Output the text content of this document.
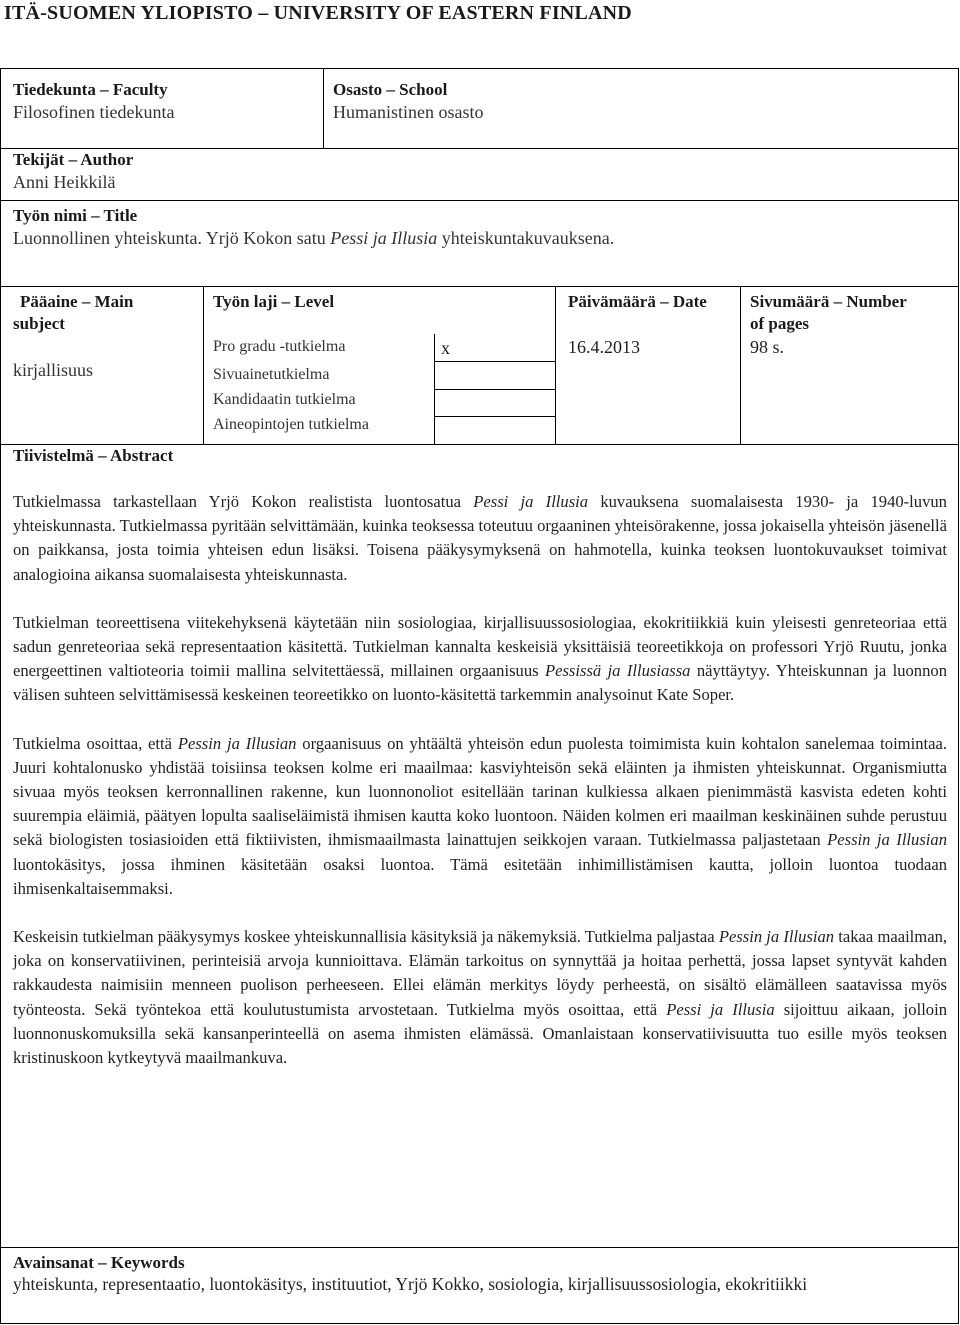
ITÄ-SUOMEN YLIOPISTO – UNIVERSITY OF EASTERN FINLAND
Tiedekunta – Faculty
Filosofinen tiedekunta
Osasto – School
Humanistinen osasto
Tekijät – Author
Anni Heikkilä
Työn nimi – Title
Luonnollinen yhteiskunta. Yrjö Kokon satu Pessi ja Illusia yhteiskuntakuvauksena.
Pääaine – Main
subject
kirjallisuus
Työn laji – Level
Pro gradu -tutkielma
Sivuainetutkielma
Kandidaatin tutkielma
Aineopintojen tutkielma
x
Päivämäärä – Date
16.4.2013
Sivumäärä – Number
of pages
98 s.
Tiivistelmä – Abstract

Tutkielmassa tarkastellaan Yrjö Kokon realistista luontosatua Pessi ja Illusia kuvauksena suomalaisesta 1930- ja 1940-luvun yhteiskunnasta. Tutkielmassa pyritään selvittämään, kuinka teoksessa toteutuu orgaaninen yhteisörakenne, jossa jokaisella yhteisön jäsenellä on paikkansa, josta toimia yhteisen edun lisäksi. Toisena pääkysymyksenä on hahmotella, kuinka teoksen luontokuvaukset toimivat analogioina aikansa suomalaisesta yhteiskunnasta.

Tutkielman teoreettisena viitekehyksenä käytetään niin sosiologiaa, kirjallisuussosiologiaa, ekokritiikkiä kuin yleisesti genreteoriaa että sadun genreteoriaa sekä representaation käsitettä. Tutkielman kannalta keskeisiä yksittäisiä teoreetikkoja on professori Yrjö Ruutu, jonka energeettinen valtioteoria toimii mallina selvitettäessä, millainen orgaanisuus Pessissä ja Illusiassa näyttäytyy. Yhteiskunnan ja luonnon välisen suhteen selvittämisessä keskeinen teoreetikko on luonto-käsitettä tarkemmin analysoinut Kate Soper.

Tutkielma osoittaa, että Pessin ja Illusian orgaanisuus on yhtäältä yhteisön edun puolesta toimimista kuin kohtalon sanelemaa toimintaa. Juuri kohtalonusko yhdistää toisiinsa teoksen kolme eri maailmaa: kasviyhteisön sekä eläinten ja ihmisten yhteiskunnat. Organismiutta sivuaa myös teoksen kerronnallinen rakenne, kun luonnonoliot esitellään tarinan kulkiessa alkaen pienimmästä kasvista edeten kohti suurempia eläimiä, päätyen lopulta saaliseläimistä ihmisen kautta koko luontoon. Näiden kolmen eri maailman keskinäinen suhde perustuu sekä biologisten tosiasioiden että fiktiivisten, ihmismaailmasta lainattujen seikkojen varaan. Tutkielmassa paljastetaan Pessin ja Illusian luontokäsitys, jossa ihminen käsitetään osaksi luontoa. Tämä esitetään inhimillistämisen kautta, jolloin luontoa tuodaan ihmisenkaltaisemmaksi.

Keskeisin tutkielman pääkysymys koskee yhteiskunnallisia käsityksiä ja näkemyksiä. Tutkielma paljastaa Pessin ja Illusian takaa maailman, joka on konservatiivinen, perinteisiä arvoja kunnioittava. Elämän tarkoitus on synnyttää ja hoitaa perhettä, jossa lapset syntyvät kahden rakkaudesta naimisiin menneen puolison perheeseen. Ellei elämän merkitys löydy perheestä, on sisältö elämälleen saatavissa myös työnteosta. Sekä työntekoa että koulutustumista arvostetaan. Tutkielma myös osoittaa, että Pessi ja Illusia sijoittuu aikaan, jolloin luonnonuskomuksilla sekä kansanperinteellä on asema ihmisten elämässä. Omanlaistaan konservatiivisuutta tuo esille myös teoksen kristinuskoon kytkeytyvä maailmankuva.

Avainsanat – Keywords
yhteiskunta, representaatio, luontokäsitys, instituutiot, Yrjö Kokko, sosiologia, kirjallisuussosiologia, ekokritiikki
